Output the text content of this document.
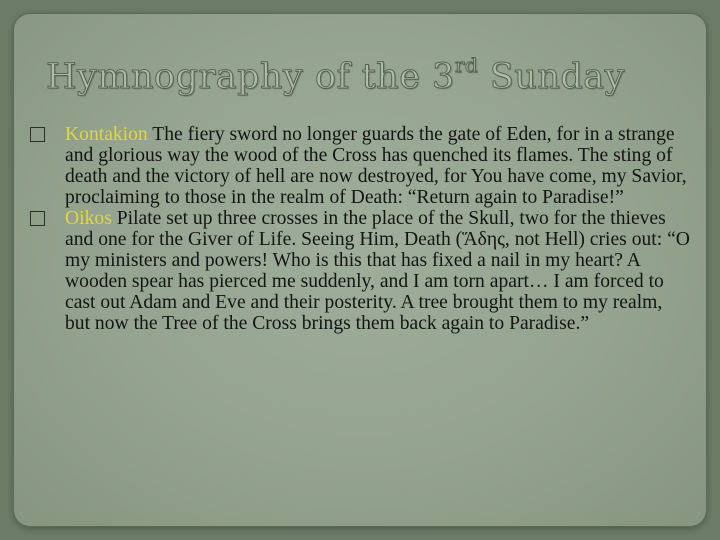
Hymnography of the 3rd Sunday
Kontakion The fiery sword no longer guards the gate of Eden, for in a strange and glorious way the wood of the Cross has quenched its flames. The sting of death and the victory of hell are now destroyed, for You have come, my Savior, proclaiming to those in the realm of Death: “Return again to Paradise!”
Oikos Pilate set up three crosses in the place of the Skull, two for the thieves and one for the Giver of Life. Seeing Him, Death (Ἅδης, not Hell) cries out: “O my ministers and powers! Who is this that has fixed a nail in my heart? A wooden spear has pierced me suddenly, and I am torn apart… I am forced to cast out Adam and Eve and their posterity. A tree brought them to my realm, but now the Tree of the Cross brings them back again to Paradise.”
